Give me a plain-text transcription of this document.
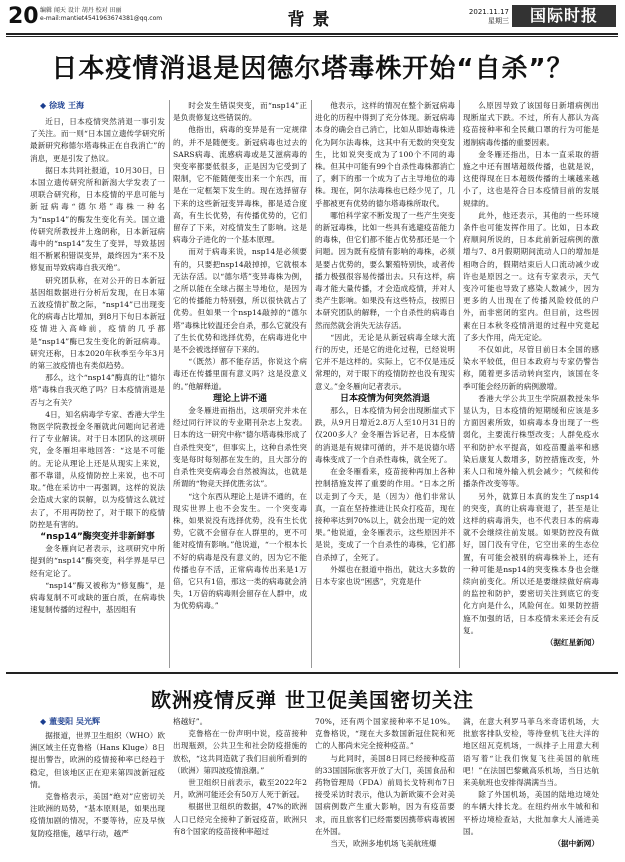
20 编辑 闻天 设计 胡丹 校对 田丽
e-mail:mantiet4541963674381@qq.com	背景	2021.11.17
星期三	国际时报
日本疫情消退是因德尔塔毒株开始“自杀”？
◆ 徐珑 王海

近日，日本疫情突然消退一事引发了关注。而一则“日本国立遗传学研究所最新研究称德尔塔毒株正在自我消亡”的消息，更是引发了热议。

据日本共同社报道，10月30日，日本国立遗传研究所和新潟大学发表了一项联合研究称，日本疫情的平息可能与新冠病毒“德尔塔”毒株一种名为“nsp14”的酶发生变化有关。国立遗传研究所教授井上逸朗称，日本新冠病毒中的“nsp14”发生了变异，导致基因组不断累积错误变异，最终因为“来不及修复而导致病毒自我灭绝”。

研究团队称，在对公开的日本新冠基因组数据进行分析后发现，在日本第五波疫情扩散之际，“nsp14”已出现变化的病毒占比增加，到8月下旬日本新冠疫情进入高峰前，疫情的几乎都是“nsp14”酶已发生变化的新冠病毒。研究还称，日本2020年秋季至今年3月的第三波疫情也有类似趋势。

那么，这个“nsp14”酶真的让“德尔塔”毒株自我灭绝了吗？日本疫情消退是否与之有关？

4日，知名病毒学专家、香港大学生物医学院教授金冬雁就此问题向记者进行了专业解读。对于日本团队的这项研究，金冬雁坦率地回答：“这是不可能的。无论从理论上还是从现实上来说，都不靠谱，从疫情防控上来说，也不可取。”他在采访中一再强调，这样的说法会造成大家的误解，以为疫情这么就过去了，不用再防控了，对于眼下的疫情防控是有害的。

“nsp14”酶突变并非新鲜事

金冬雁向记者表示，这项研究中所提到的“nsp14”酶突变，科学界是早已经有定论了。

“nsp14”酶又被称为“修复酶”，是病毒复制不可或缺的蛋白质，在病毒快速复制传播的过程中，基因组有

时会发生错误突变，而“nsp14”正是负责修复这些错误的。

他指出，病毒的变异是有一定规律的，并不是随便变。新冠病毒也过去的SARS病毒、流感病毒或是艾滋病毒的突变率都要低很多，正是因为它受到了限制，它不能随便变出来一个东西，而是在一定框架下发生的。现在选择留存下来的这些新冠变异毒株，都是适合度高，有生长优势，有传播优势的，它们留存了下来，对疫情发生了影响。这是病毒分子进化的一个基本原理。

而对于病毒来说，nsp14是必须要有的，只要把nsp14敲掉掉，它就根本无法存活。以“德尔塔”变异毒株为例，之所以能在全球占据主导地位，是因为它的传播能力特别强，所以很快就占了优势。但如果一个nsp14敲掉的“德尔塔”毒株比较温还会自杀，那么它就没有了生长优势和选择优势，在病毒进化中是不会被选择留存下来的。

“（既然）都不能存活，你说这个病毒还在传播里面有意义吗？这是没意义的。”他解释道。

理论上讲不通

金冬雁进而指出，这项研究并未在经过同行评议的专业期刊杂志上发表。日本的这一研究中称“德尔塔毒株形成了自杀性突变”，但事实上，这种自杀性突变是每时每刻都在发生的，且大部分的自杀性突变病毒会自然被淘汰，也就是所谓的“物竞天择优胜劣汰”。

“这个东西从理论上是讲不通的，在现实世界上也不会发生。一个突变毒株，如果说没有选择优势，没有生长优势，它就不会留存在人群里的，更不可能对疫情有影响。”他说道，“一个根本长不好的病毒是没有意义的，因为它不能传播也存不活，正常病毒传出来是1万倍，它只有1倍，那这一类的病毒就会消失，1万倍的病毒则会留存在人群中，成为优势病毒。”

他表示，这样的情况在整个新冠病毒进化的历程中得到了充分体现。新冠病毒本身的确会自己消亡，比如从即始毒株进化为阿尔法毒株，这其中有无数的突变发生，比如说突变成为了100个不同的毒株。但其中可能有99个自杀性毒株都消亡了，剩下的那一个成为了占主导地位的毒株。现在，阿尔法毒株也已经少见了，几乎都被更有优势的德尔塔毒株所取代。

哪怕科学家不断发现了一些产生突变的新冠毒株，比如一些具有逃避疫苗能力的毒株，但它们都不能占优势那还是一个问题。因为既有疫情有影响的毒株，必须是要占优势的，要么繁殖特别快，或者传播力极强很容易传播出去。只有这样，病毒才能大量传播，才会造成疫情，并对人类产生影响。如果没有这些特点，按照日本研究团队的解释，一个自杀性的病毒自然而然就会消失无法存活。

“因此，无论是从新冠病毒全球大流行的历史，还是它的进化过程，已经说明它并不是这样的。实际上，它不仅是违反常理的，对于眼下的疫情防控也没有现实意义。”金冬雁向记者表示。

日本疫情为何突然消退

那么，日本疫情为何会出现断崖式下跌，从9月日增近2.8万人至10月31日的仅200多人？金冬雁告诉记者，日本疫情的消退是有规律可循的，并不是说德尔塔毒株变成了一个自杀性毒株，就全死了。

在金冬雁看来，疫苗接种再加上各种控制措施发挥了重要的作用。“日本之所以走到了今天，是（因为）他们非常认真，一直在坚持推进让民众打疫苗，现在接种率达到70%以上，就会出现一定的效果。”他说道，金冬雁表示，这些原因并不是说，变成了一个自杀性的毒株，它们都自杀掉了，全死了。

外媒也在报道中指出，就这大多数的日本专家也说“困惑”，究竟是什

么原因导致了该国每日新增病例出现断崖式下跌。不过，所有人都认为高疫苗接种率和全民戴口罩的行为可能是遏制病毒传播的重要因素。

金冬雁还指出，日本一直采取的措施之中还有围堵超级传播，也就是说，这使得现在日本超级传播的土壤越来越小了，这也是符合日本疫情目前的发展规律的。

此外，他还表示，其他的一些环境条件也可能发挥作用了。比如，日本政府顺间所说的，日本此前新冠病例的激增与7、8月假期期间流动人口的增加是相吻合的，假期结束后人口流动减少或许也是原因之一。这有专家表示，天气变冷可能也导致了感染人数减少，因为更多的人出现在了传播风险较低的户外，而非密闭的室内。但目前，这些因素在日本秋冬疫情消退的过程中究竟起了多大作用，尚无定论。

不仅如此，尽管目前日本全国的感染水平较低，但日本政府与专家仍警告称，随着更多活动转向室内，该国在冬季可能会经历新的病例激增。

香港大学公共卫生学院副教授朱华显认为，日本疫情的短期缓和应该是多方面因素所致，如病毒本身出现了一些弱化，主要流行株型改变；人群免疫水平和防护水平提高，如疫苗覆盖率和感染后康复人数增多，防控措施改变，外来人口和境外输入机会减少；气候和传播条件改变等等。

另外，就算日本真的发生了nsp14的突变，真的让病毒衰退了，甚至是让这样的病毒消失，也不代表日本的病毒就不会继续往前发展。如果防控没有做好，国门没有守住，它空出来的生态位置，有可能会被别的病毒株补上，还有一种可能是nsp14的突变株本身也会继续向前变化。所以还是要继续做好病毒的监控和防护，要密切关注到底它的变化方向是什么，风险何在。如果防控措施不加强的话，日本疫情未来还会有反复。

（据红星新闻）

欧洲疫情反弹 世卫促美国密切关注
◆ 董斐阳 吴光辉

据报道，世界卫生组织（WHO）欧洲区域主任克鲁格（Hans Kluge）8日提出警告，欧洲的疫情接种率已经趋于稳定，但该地区正在迎来第四波新冠疫情。

克鲁格表示，美国“绝对”应密切关注欧洲的局势，“基本原则是，如果出现疫情加剧的情况，不要等待，应及早恢复防疫措施，越早行动，越严

格越好”。

克鲁格在一份声明中说，疫苗接种出现瓶颈，公共卫生和社会防疫措施的放松，“这共同造就了我们目前所看到的（欧洲）第四波疫情浪潮。”

世卫组织日前表示，截至2022年2月，欧洲可能还会有50万人死于新冠。

根据世卫组织的数据，47%的欧洲人口已经完全接种了新冠疫苗，欧洲只有8个国家的疫苗接种率超过

70%，还有两个国家接种率不足10%。克鲁格说，“现在大多数国新冠住院和死亡的人都尚未完全接种疫苗。”

与此同时，美国8日同已经接种疫苗的33国国际旅客开放了大门，美国食品和药物管理局（FDA）前局长戈特利布7日接受采访时表示，他认为新欧策不会对美国病例数产生重大影响，因为有疫苗要求，而且旅客们已经需要因携带病毒被困在外国。

当天，欧洲多地机场飞美航班爆

满，在意大利罗马菲乌米奇诺机场，大批旅客排队安检，等待登机飞往大洋的地区纽瓦克机场，一纵排子上用意大利语写着“让我们恢复飞往美国的航班吧！”在法国巴黎戴高乐机场，当日达航来美航班也安排得满满当当。

除了外国机场，美国的陆地边境处的车辆大排长龙。在纽约州水牛城和和平桥边境检查站，大批加拿大人涌进美国。

（据中新网）
